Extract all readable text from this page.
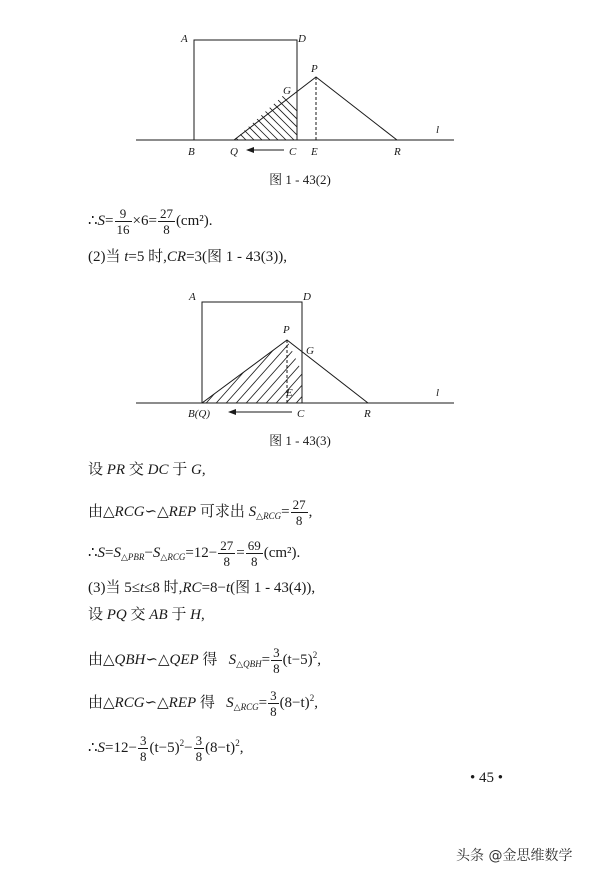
A	D
P
G
l
B	Q	C E	R
图 1 - 43(2)
∴S= $\frac{9}{16} \times 6= \frac{27}{8} (cm^2)$.
(2)当 t=5 时,CR=3(图 1 - 43(3)),
A	D
P
G
E	l
B(Q)	C	R
图 1 - 43(3)
设 PR 交 DC 于 G,
由△RCG∽△REP 可求出 $S_{\triangle RCG}= \frac{27}{8}$ ,
$\therefore S=S_{\triangle PBR}-S_{\triangle RCG}=12- \frac{27}{8} = \frac{69}{8} (cm^2)$.
(3)当 5≤t≤8 时,RC=8−t(图 1 - 43(4)),
设 PQ 交 AB 于 H,
由△QBH∽△QEP 得   $S_{\triangle QBH}= \frac{3}{8} (t-5)^2$,
由△RCG∽△REP 得   $S_{\triangle RCG}= \frac{3}{8} (8-t)^2$,
∴S=12− $\frac{3}{8} (t-5)^2- \frac{3}{8} (8-t)^2$,
• 45 •
头条 @金思维数学
